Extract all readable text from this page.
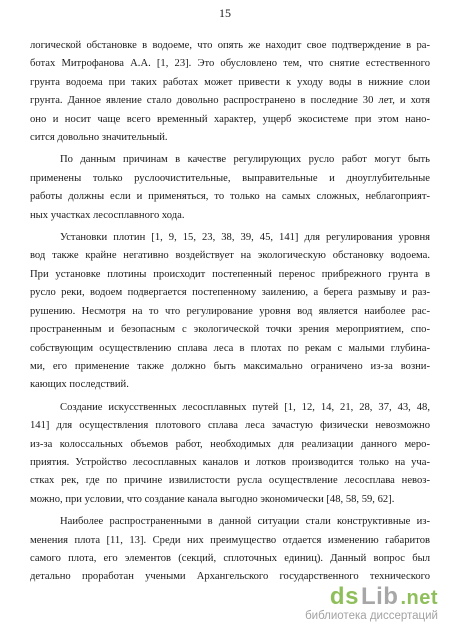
15
логической обстановке в водоеме, что опять же находит свое подтверждение в ра-
ботах Митрофанова А.А. [1, 23]. Это обусловлено тем, что снятие естественного
грунта водоема при таких работах может привести к уходу воды в нижние слои
грунта. Данное явление стало довольно распространено в последние 30 лет, и хотя
оно и носит чаще всего временный характер, ущерб экосистеме при этом нано-
сится довольно значительный.
По данным причинам в качестве регулирующих русло работ могут быть
применены только руслоочистительные, выправительные и дноуглубительные
работы должны если и применяться, то только на самых сложных, неблагоприят-
ных участках лесосплавного хода.
Установки плотин [1, 9, 15, 23, 38, 39, 45, 141] для регулирования уровня
вод также крайне негативно воздействует на экологическую обстановку водоема.
При установке плотины происходит постепенный перенос прибрежного грунта в
русло реки, водоем подвергается постепенному заилению, а берега размыву и раз-
рушению. Несмотря на то что регулирование уровня вод является наиболее рас-
пространенным и безопасным с экологической точки зрения мероприятием, спо-
собствующим осуществлению сплава леса в плотах по рекам с малыми глубина-
ми, его применение также должно быть максимально ограничено из-за возни-
кающих последствий.
Создание искусственных лесосплавных путей [1, 12, 14, 21, 28, 37, 43, 48,
141] для осуществления плотового сплава леса зачастую физически невозможно
из-за колоссальных объемов работ, необходимых для реализации данного меро-
приятия. Устройство лесосплавных каналов и лотков производится только на уча-
стках рек, где по причине извилистости русла осуществление лесосплава невоз-
можно, при условии, что создание канала выгодно экономически [48, 58, 59, 62].
Наиболее распространенными в данной ситуации стали конструктивные из-
менения плота [11, 13]. Среди них преимущество отдается изменению габаритов
самого плота, его элементов (секций, сплоточных единиц). Данный вопрос был
детально проработан учеными Архангельского государственного технического
ds Lib .net
библиотека диссертаций
